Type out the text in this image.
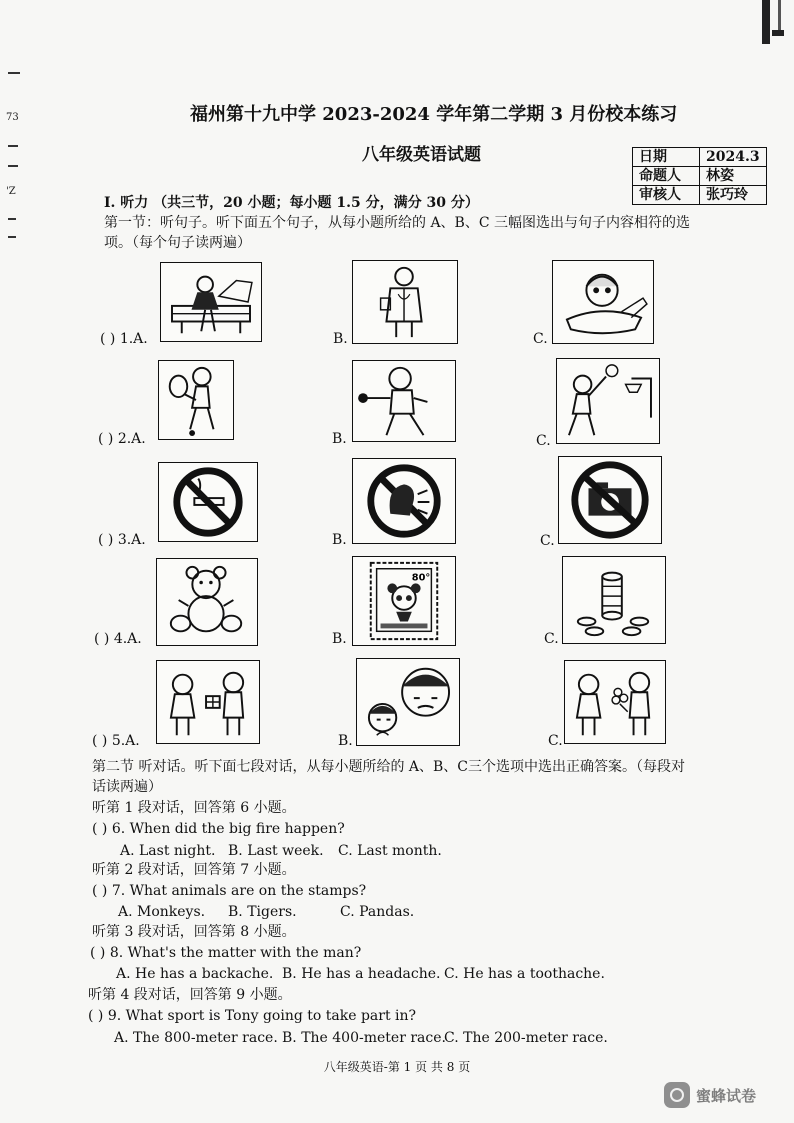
73
'Z
福州第十九中学 2023-2024 学年第二学期 3 月份校本练习
八年级英语试题	日期	2024.3
命题人	林姿
审核人	张巧玲
I. 听力 （共三节，20 小题；每小题 1.5 分，满分 30 分）
第一节：听句子。听下面五个句子，从每小题所给的 A、B、C 三幅图选出与句子内容相符的选
项。（每个句子读两遍）
( ) 1.A.	B.	C.
( ) 2.A.	B.	C.
( ) 3.A.	B.	C.
80°
( ) 4.A.	B.	C.
( ) 5.A.	B.	C.
第二节 听对话。听下面七段对话，从每小题所给的 A、B、C三个选项中选出正确答案。（每段对
话读两遍）
听第 1 段对话，回答第 6 小题。
( ) 6. When did the big fire happen?
A. Last night. B. Last week. C. Last month.
听第 2 段对话，回答第 7 小题。
( ) 7. What animals are on the stamps?
A. Monkeys. B. Tigers.	C. Pandas.
听第 3 段对话，回答第 8 小题。
( ) 8. What's the matter with the man?
A. He has a backache. B. He has a headache. C. He has a toothache.
听第 4 段对话，回答第 9 小题。
( ) 9. What sport is Tony going to take part in?
A. The 800-meter race. B. The 400-meter race.
C. The 200-meter race.
八年级英语-第 1 页 共 8 页
蜜蜂试卷
